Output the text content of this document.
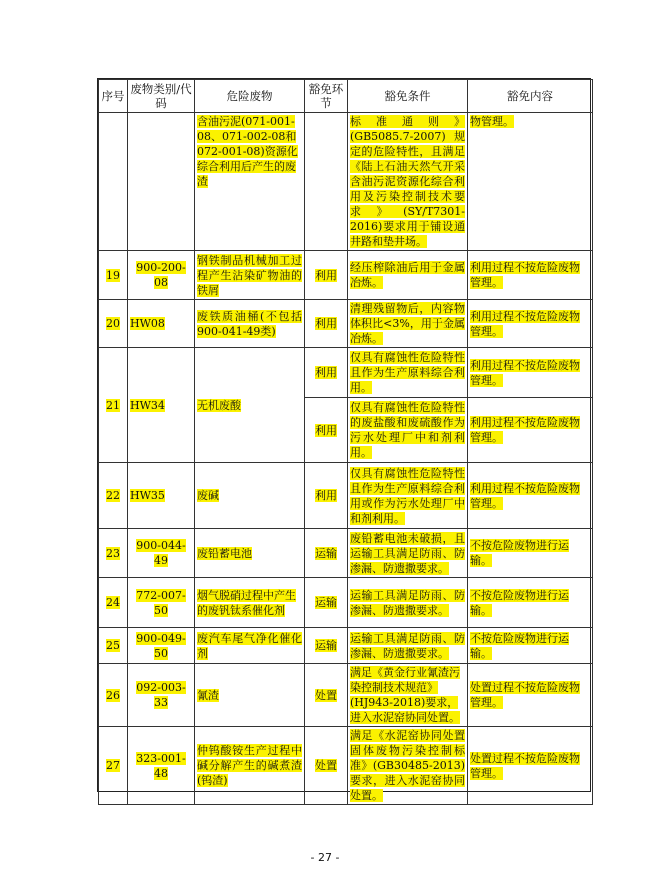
序号	废物类别/代码	危险废物	豁免环节	豁免条件	豁免内容
		含油污泥(071-001-08、071-002-08和072-001-08)资源化综合利用后产生的废渣		标准通则》(GB5085.7-2007)规定的危险特性，且满足《陆上石油天然气开采含油污泥资源化综合利用及污染控制技术要求》(SY/T7301-2016)要求用于铺设通井路和垫井场。	物管理。
19	900-200-08	钢铁制品机械加工过程产生沾染矿物油的铁屑	利用	经压榨除油后用于金属冶炼。	利用过程不按危险废物管理。
20	HW08	废铁质油桶(不包括900-041-49类)	利用	清理残留物后，内容物体积比<3%，用于金属冶炼。	利用过程不按危险废物管理。
21	HW34	无机废酸	利用	仅具有腐蚀性危险特性且作为生产原料综合利用。	利用过程不按危险废物管理。
			利用	仅具有腐蚀性危险特性的废盐酸和废硫酸作为污水处理厂中和剂利用。	利用过程不按危险废物管理。
22	HW35	废碱	利用	仅具有腐蚀性危险特性且作为生产原料综合利用或作为污水处理厂中和剂利用。	利用过程不按危险废物管理。
23	900-044-49	废铅蓄电池	运输	废铅蓄电池未破损，且运输工具满足防雨、防渗漏、防遗撒要求。	不按危险废物进行运输。
24	772-007-50	烟气脱硝过程中产生的废钒钛系催化剂	运输	运输工具满足防雨、防渗漏、防遗撒要求。	不按危险废物进行运输。
25	900-049-50	废汽车尾气净化催化剂	运输	运输工具满足防雨、防渗漏、防遗撒要求。	不按危险废物进行运输。
26	092-003-33	氰渣	处置	满足《黄金行业氰渣污染控制技术规范》(HJ943-2018)要求，进入水泥窑协同处置。	处置过程不按危险废物管理。
27	323-001-48	仲钨酸铵生产过程中碱分解产生的碱煮渣(钨渣)	处置	满足《水泥窑协同处置固体废物污染控制标准》(GB30485-2013)要求，进入水泥窑协同处置。	处置过程不按危险废物管理。
- 27 -
